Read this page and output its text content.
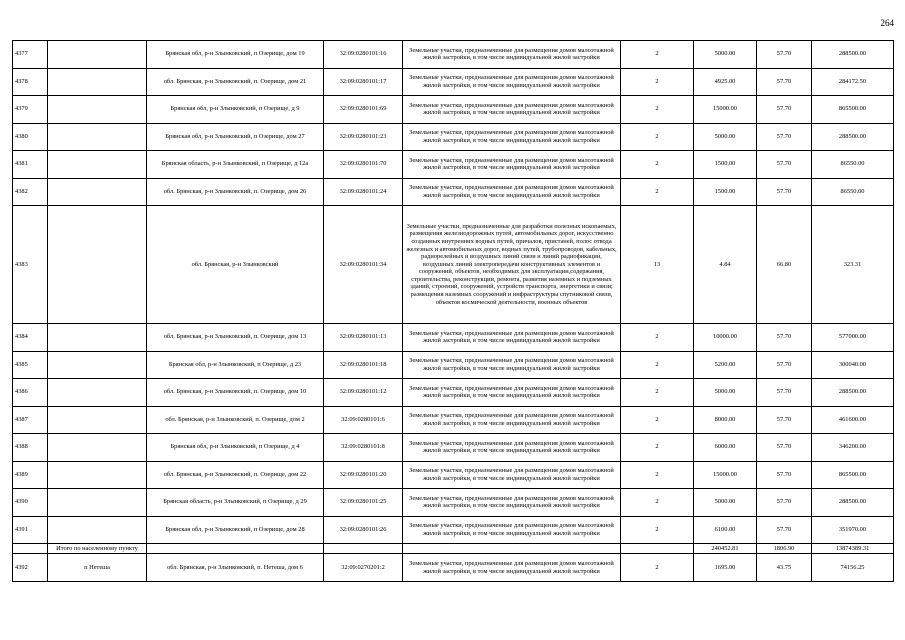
264
4377		Брянская обл, р-н Злынковский, п Озерище, дом 19	32:09:0280101:16	Земельные участки, предназначенные для размещения домов малоэтажной жилой застройки, в том числе индивидуальной жилой застройки	2	5000.00	57.70	288500.00
4378		обл. Брянская, р-н Злынковский, п. Озерище, дом 21	32:09:0280101:17	Земельные участки, предназначенные для размещения домов малоэтажной жилой застройки, в том числе индивидуальной жилой застройки	2	4925.00	57.70	284172.50
4379		Брянская обл, р-н Злынковский, п Озерище, д 9	32:09:0280101:69	Земельные участки, предназначенные для размещения домов малоэтажной жилой застройки, в том числе индивидуальной жилой застройки	2	15000.00	57.70	865500.00
4380		Брянская обл, р-н Злынковский, п Озерище, дом 27	32:09:0280101:23	Земельные участки, предназначенные для размещения домов малоэтажной жилой застройки, в том числе индивидуальной жилой застройки	2	5000.00	57.70	288500.00
4381		Брянская область, р-н Злынковский, п Озерище, д 12а	32:09:0280101:70	Земельные участки, предназначенные для размещения домов малоэтажной жилой застройки, в том числе индивидуальной жилой застройки	2	1500.00	57.70	86550.00
4382		обл. Брянская, р-н Злынковский, п. Озерище, дом 26	32:09:0280101:24	Земельные участки, предназначенные для размещения домов малоэтажной жилой застройки, в том числе индивидуальной жилой застройки	2	1500.00	57.70	86550.00
4383		обл. Брянская, р-н Злынковский	32:09:0280101:34	Земельные участки, предназначенные для разработки полезных ископаемых, размещения железнодорожных путей, автомобильных дорог, искусственно созданных внутренних водных путей, причалов, пристаней, полос отвода железных и автомобильных дорог, водных путей, трубопроводов, кабельных, радиорелейных и воздушных линий связи и линий радиофикации, воздушных линий электропередачи конструктивных элементов и сооружений, объектов, необходимых для эксплуатации,содержания, строительства, реконструкции, ремонта, развития наземных и подземных зданий, строений, сооружений, устройств транспорта, энергетики и связи; размещения наземных сооружений и инфраструктуры спутниковой связи, объектов космической деятельности, военных объектов	13	4.84	66.80	323.31
4384		обл. Брянская, р-н Злынковский, п. Озерище, дом 13	32:09:0280101:13	Земельные участки, предназначенные для размещения домов малоэтажной жилой застройки, в том числе индивидуальной жилой застройки	2	10000.00	57.70	577000.00
4385		Брянская обл, р-н Злынковский, п Озерище, д 23	32:09:0280101:18	Земельные участки, предназначенные для размещения домов малоэтажной жилой застройки, в том числе индивидуальной жилой застройки	2	5200.00	57.70	300040.00
4386		обл. Брянская, р-н Злынковский, п. Озерище, дом 10	32:09:0280101:12	Земельные участки, предназначенные для размещения домов малоэтажной жилой застройки, в том числе индивидуальной жилой застройки	2	5000.00	57.70	288500.00
4387		обл. Брянская, р-н Злынковский, п. Озерище, дом 2	32:09:0280101:6	Земельные участки, предназначенные для размещения домов малоэтажной жилой застройки, в том числе индивидуальной жилой застройки	2	8000.00	57.70	461600.00
4388		Брянская обл, р-н Злынковский, п Озерище, д 4	32:09:0280101:8	Земельные участки, предназначенные для размещения домов малоэтажной жилой застройки, в том числе индивидуальной жилой застройки	2	6000.00	57.70	346200.00
4389		обл. Брянская, р-н Злынковский, п. Озерище, дом 22	32:09:0280101:20	Земельные участки, предназначенные для размещения домов малоэтажной жилой застройки, в том числе индивидуальной жилой застройки	2	15000.00	57.70	865500.00
4390		Брянская область, р-н Злынковский, п Озерище, д 29	32:09:0280101:25	Земельные участки, предназначенные для размещения домов малоэтажной жилой застройки, в том числе индивидуальной жилой застройки	2	5000.00	57.70	288500.00
4391		Брянская обл, р-н Злынковский, п Озерище, дом 28	32:09:0280101:26	Земельные участки, предназначенные для размещения домов малоэтажной жилой застройки, в том числе индивидуальной жилой застройки	2	6100.00	57.70	351970.00
	Итого по населенному пункту					240452.81	1806.90	13874389.31
4392	п Нетеша	обл. Брянская, р-н Злынковский, п. Нетеша, дом 6	32:09:0270201:2	Земельные участки, предназначенные для размещения домов малоэтажной жилой застройки, в том числе индивидуальной жилой застройки	2	1695.00	43.75	74156.25
